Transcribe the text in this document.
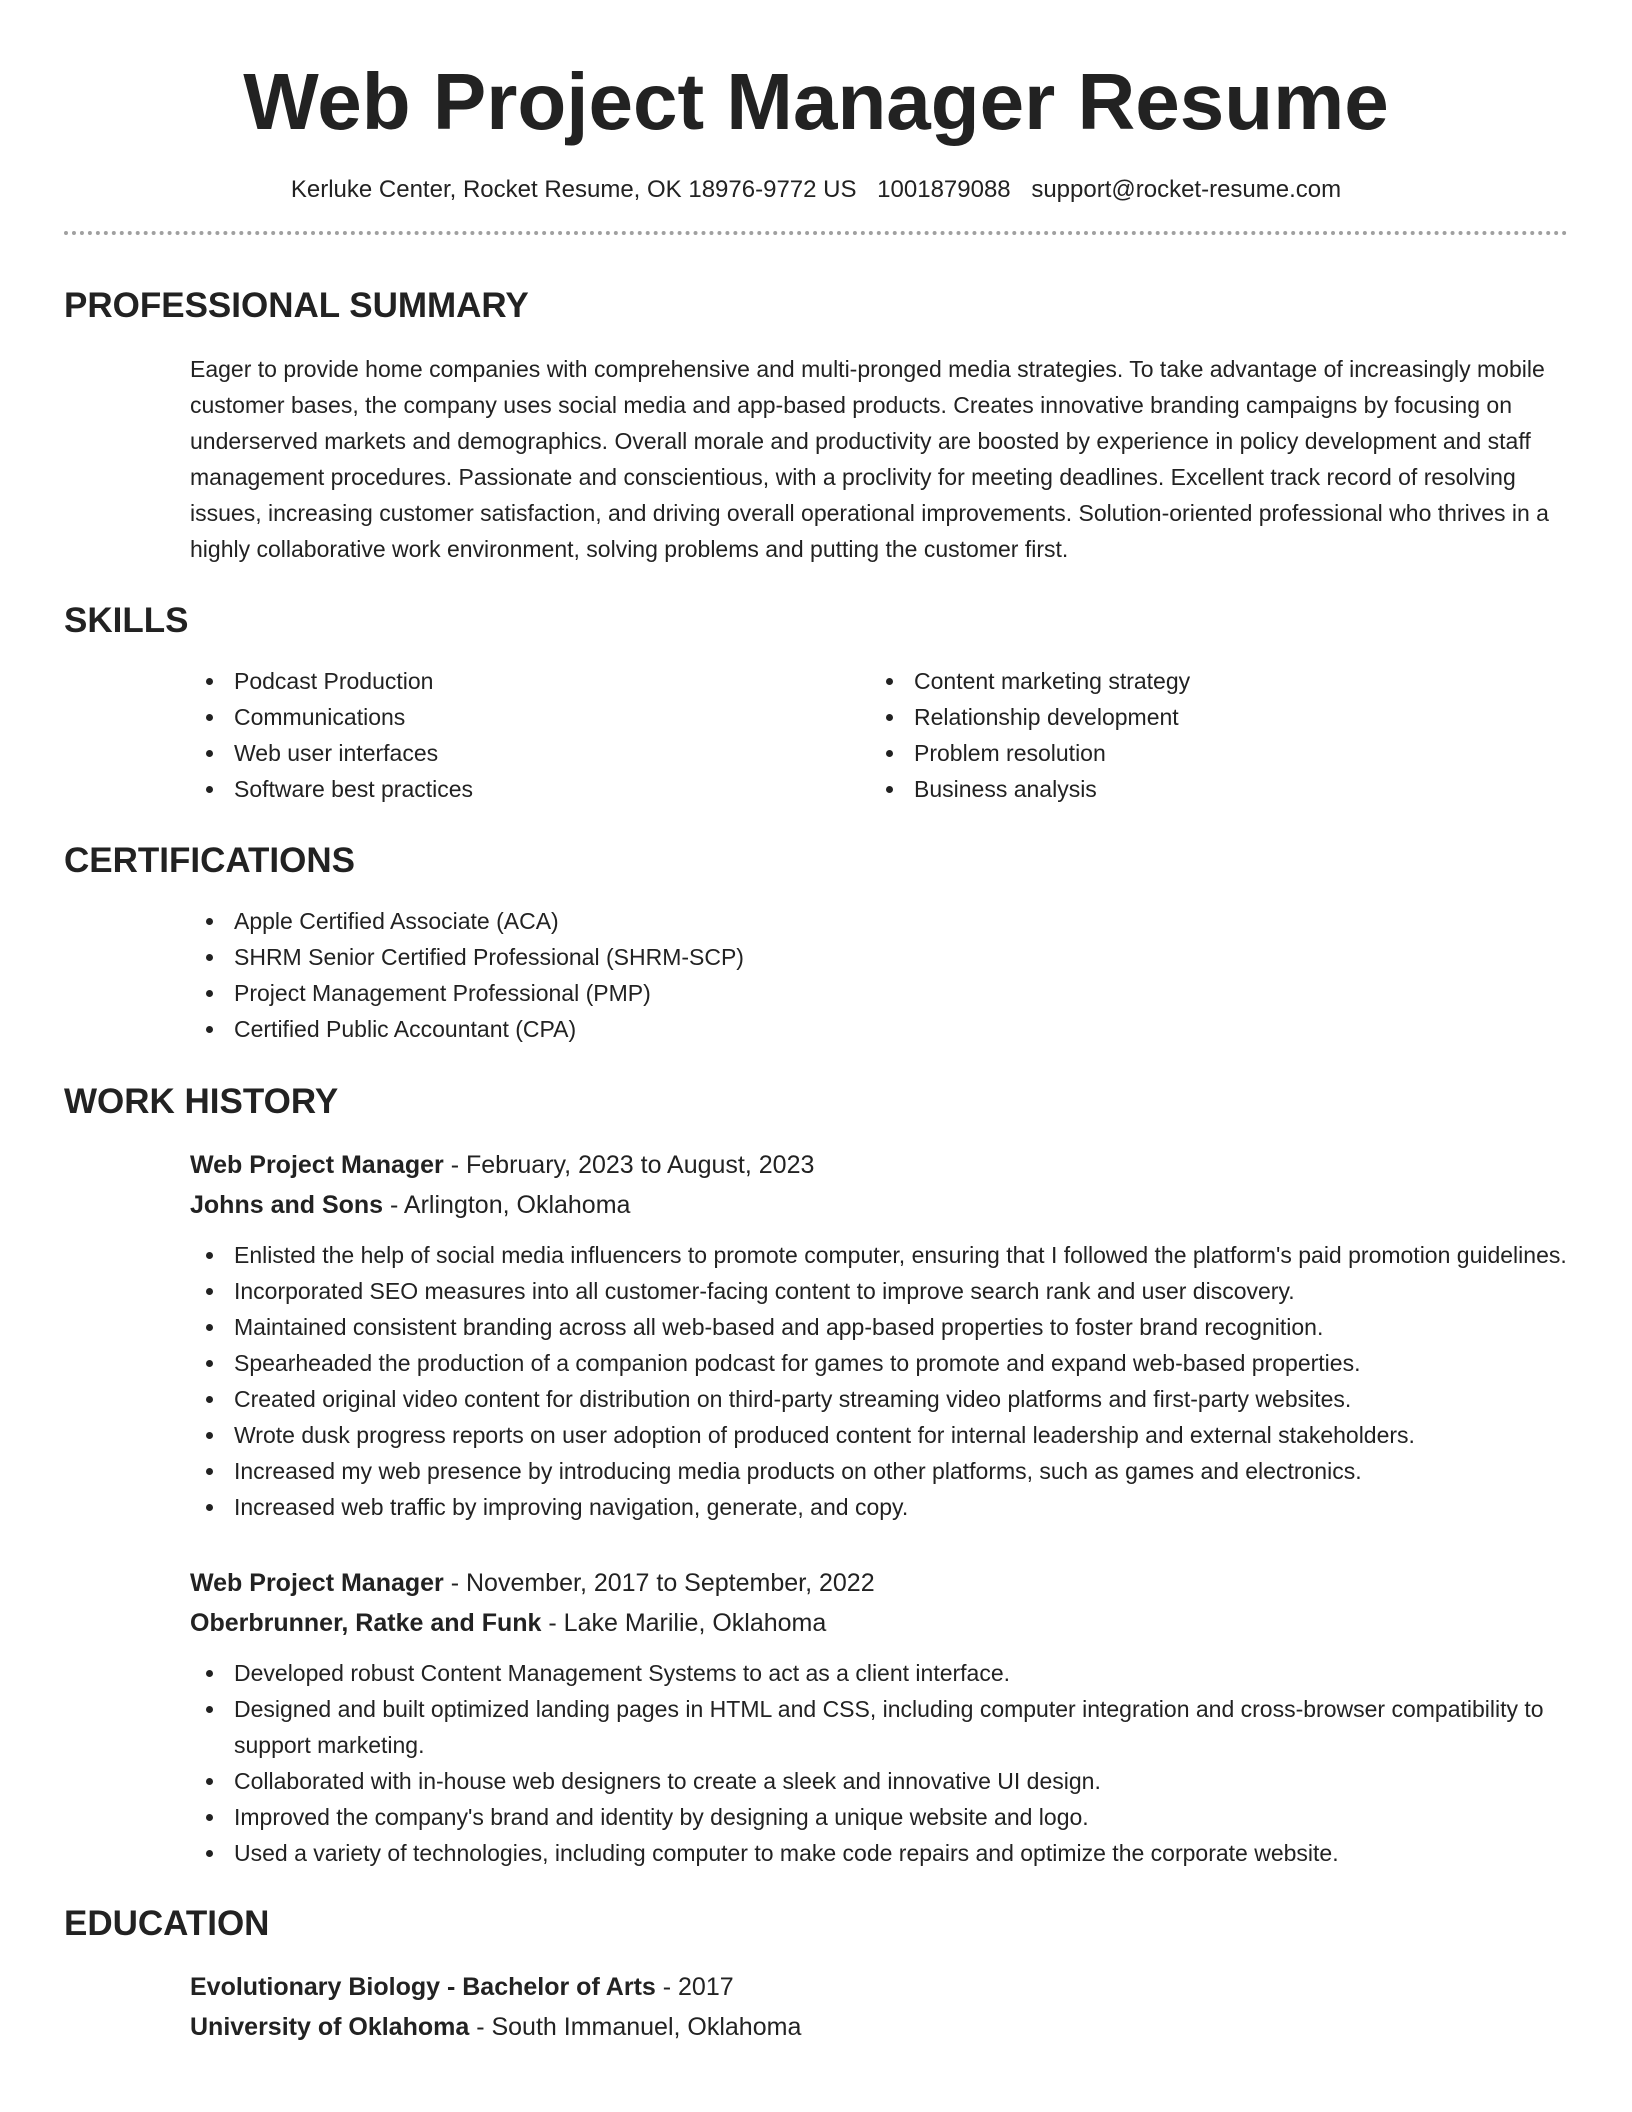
Web Project Manager Resume
Kerluke Center, Rocket Resume, OK 18976-9772 US 1001879088 support@rocket-resume.com
PROFESSIONAL SUMMARY

Eager to provide home companies with comprehensive and multi-pronged media strategies. To take advantage of increasingly mobile customer bases, the company uses social media and app-based products. Creates innovative branding campaigns by focusing on underserved markets and demographics. Overall morale and productivity are boosted by experience in policy development and staff management procedures. Passionate and conscientious, with a proclivity for meeting deadlines. Excellent track record of resolving issues, increasing customer satisfaction, and driving overall operational improvements. Solution-oriented professional who thrives in a highly collaborative work environment, solving problems and putting the customer first.

SKILLS
Podcast Production
Communications
Web user interfaces
Software best practices
Content marketing strategy
Relationship development
Problem resolution
Business analysis
CERTIFICATIONS
Apple Certified Associate (ACA)
SHRM Senior Certified Professional (SHRM-SCP)
Project Management Professional (PMP)
Certified Public Accountant (CPA)
WORK HISTORY
Web Project Manager - February, 2023 to August, 2023
Johns and Sons - Arlington, Oklahoma
Enlisted the help of social media influencers to promote computer, ensuring that I followed the platform's paid promotion guidelines.
Incorporated SEO measures into all customer-facing content to improve search rank and user discovery.
Maintained consistent branding across all web-based and app-based properties to foster brand recognition.
Spearheaded the production of a companion podcast for games to promote and expand web-based properties.
Created original video content for distribution on third-party streaming video platforms and first-party websites.
Wrote dusk progress reports on user adoption of produced content for internal leadership and external stakeholders.
Increased my web presence by introducing media products on other platforms, such as games and electronics.
Increased web traffic by improving navigation, generate, and copy.
Web Project Manager - November, 2017 to September, 2022
Oberbrunner, Ratke and Funk - Lake Marilie, Oklahoma
Developed robust Content Management Systems to act as a client interface.
Designed and built optimized landing pages in HTML and CSS, including computer integration and cross-browser compatibility to support marketing.
Collaborated with in-house web designers to create a sleek and innovative UI design.
Improved the company's brand and identity by designing a unique website and logo.
Used a variety of technologies, including computer to make code repairs and optimize the corporate website.
EDUCATION
Evolutionary Biology - Bachelor of Arts - 2017
University of Oklahoma - South Immanuel, Oklahoma
